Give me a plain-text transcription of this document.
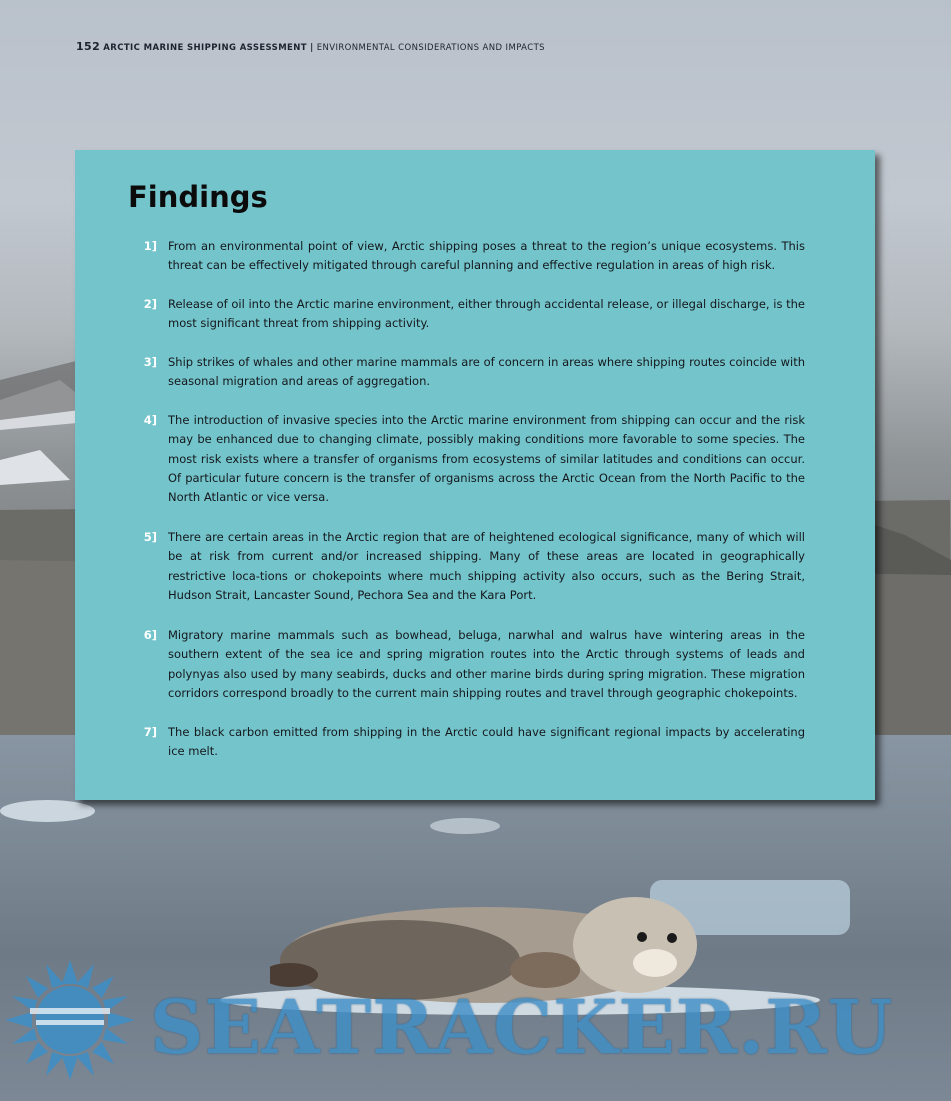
152 ARCTIC MARINE SHIPPING ASSESSMENT | ENVIRONMENTAL CONSIDERATIONS AND IMPACTS
Findings
1] From an environmental point of view, Arctic shipping poses a threat to the region’s unique ecosystems. This threat can be effectively mitigated through careful planning and effective regulation in areas of high risk.
2] Release of oil into the Arctic marine environment, either through accidental release, or illegal discharge, is the most significant threat from shipping activity.
3] Ship strikes of whales and other marine mammals are of concern in areas where shipping routes coincide with seasonal migration and areas of aggregation.
4] The introduction of invasive species into the Arctic marine environment from shipping can occur and the risk may be enhanced due to changing climate, possibly making conditions more favorable to some species. The most risk exists where a transfer of organisms from ecosystems of similar latitudes and conditions can occur. Of particular future concern is the transfer of organisms across the Arctic Ocean from the North Pacific to the North Atlantic or vice versa.
5] There are certain areas in the Arctic region that are of heightened ecological significance, many of which will be at risk from current and/or increased shipping. Many of these areas are located in geographically restrictive loca-tions or chokepoints where much shipping activity also occurs, such as the Bering Strait, Hudson Strait, Lancaster Sound, Pechora Sea and the Kara Port.
6] Migratory marine mammals such as bowhead, beluga, narwhal and walrus have wintering areas in the southern extent of the sea ice and spring migration routes into the Arctic through systems of leads and polynyas also used by many seabirds, ducks and other marine birds during spring migration. These migration corridors correspond broadly to the current main shipping routes and travel through geographic chokepoints.
7] The black carbon emitted from shipping in the Arctic could have significant regional impacts by accelerating ice melt.
SEATRACKER.RU
